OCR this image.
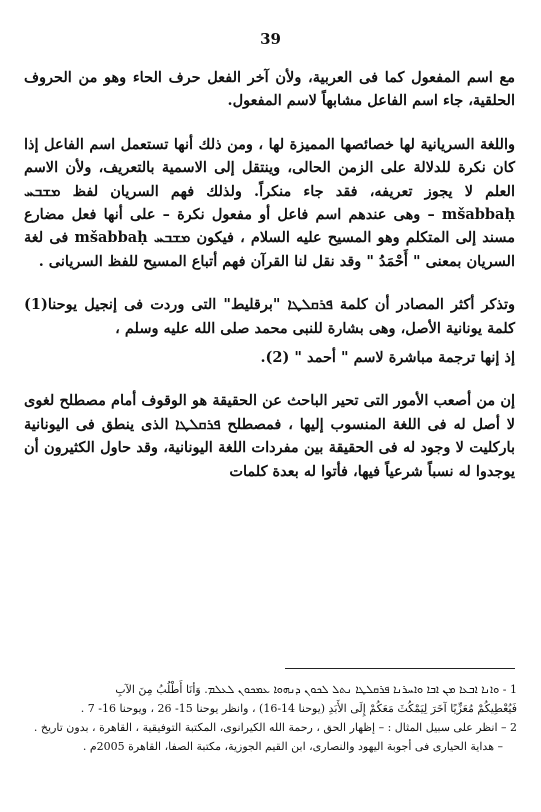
39

مع اسم المفعول كما فى العربية، ولأن آخر الفعل حرف الحاء وهو من الحروف الحلقية، جاء اسم الفاعل مشابهاً لاسم المفعول.

واللغة السريانية لها خصائصها المميزة لها ، ومن ذلك أنها تستعمل اسم الفاعل إذا كان نكرة للدلالة على الزمن الحالى، وينتقل إلى الاسمية بالتعريف، ولأن الاسم العلم لا يجوز تعريفه، فقد جاء منكراً. ولذلك فهم السريان لفظ ܡܫܒܚ mšabbaḥ – وهى عندهم اسم فاعل أو مفعول نكرة – على أنها فعل مضارع مسند إلى المتكلم وهو المسيح عليه السلام ، فيكون ܡܫܒܚ mšabbaḥ فى لغة السريان بمعنى " أَحْمَدُ " وقد نقل لنا القرآن فهم أتباع المسيح للفظ السريانى .

وتذكر أكثر المصادر أن كلمة ܦܪܩܠܛܐ "برقليط" التى وردت فى إنجيل يوحنا(1) كلمة يونانية الأصل، وهى بشارة للنبى محمد صلى الله عليه وسلم ،

إذ إنها ترجمة مباشرة لاسم " أحمد " (2).

إن من أصعب الأمور التى تحير الباحث عن الحقيقة هو الوقوف أمام مصطلح لغوى لا أصل له فى اللغة المنسوب إليها ، فمصطلح ܦܪܩܠܛܐ الذى ينطق فى اليونانية باركليت لا وجود له فى الحقيقة بين مفردات اللغة اليونانية، وقد حاول الكثيرون أن يوجدوا له نسباً شرعياً فيها، فأتوا له بعدة كلمات

1 - ܘܐܢܐ ܐܒܥܐ ܡܢ ܐܒܐ ܘܐܚܪܢܐ ܦܪܩܠܛܐ ܢܬܠ ܠܟܘܢ ܕܢܗܘܐ ܥܡܟܘܢ ܠܥܠܡ. وَأنَا أَطْلُبُ مِنَ الآبِ
فَيُعْطِيكُمْ مُعَزِّيًا آخَرَ لِيَمْكُثَ مَعَكُمْ إِلَى الأَبَدِ (يوحنا 14-16) ، وانظر يوحنا 15- 26 ، ويوحنا 16- 7 .
2 – انظر على سبيل المثال : – إظهار الحق ، رحمة الله الكيرانوى، المكتبة التوفيقية ، القاهرة ، بدون تاريخ .
– هداية الحيارى فى أجوبة اليهود والنصارى، ابن القيم الجوزية، مكتبة الصفا، القاهرة 2005م .
